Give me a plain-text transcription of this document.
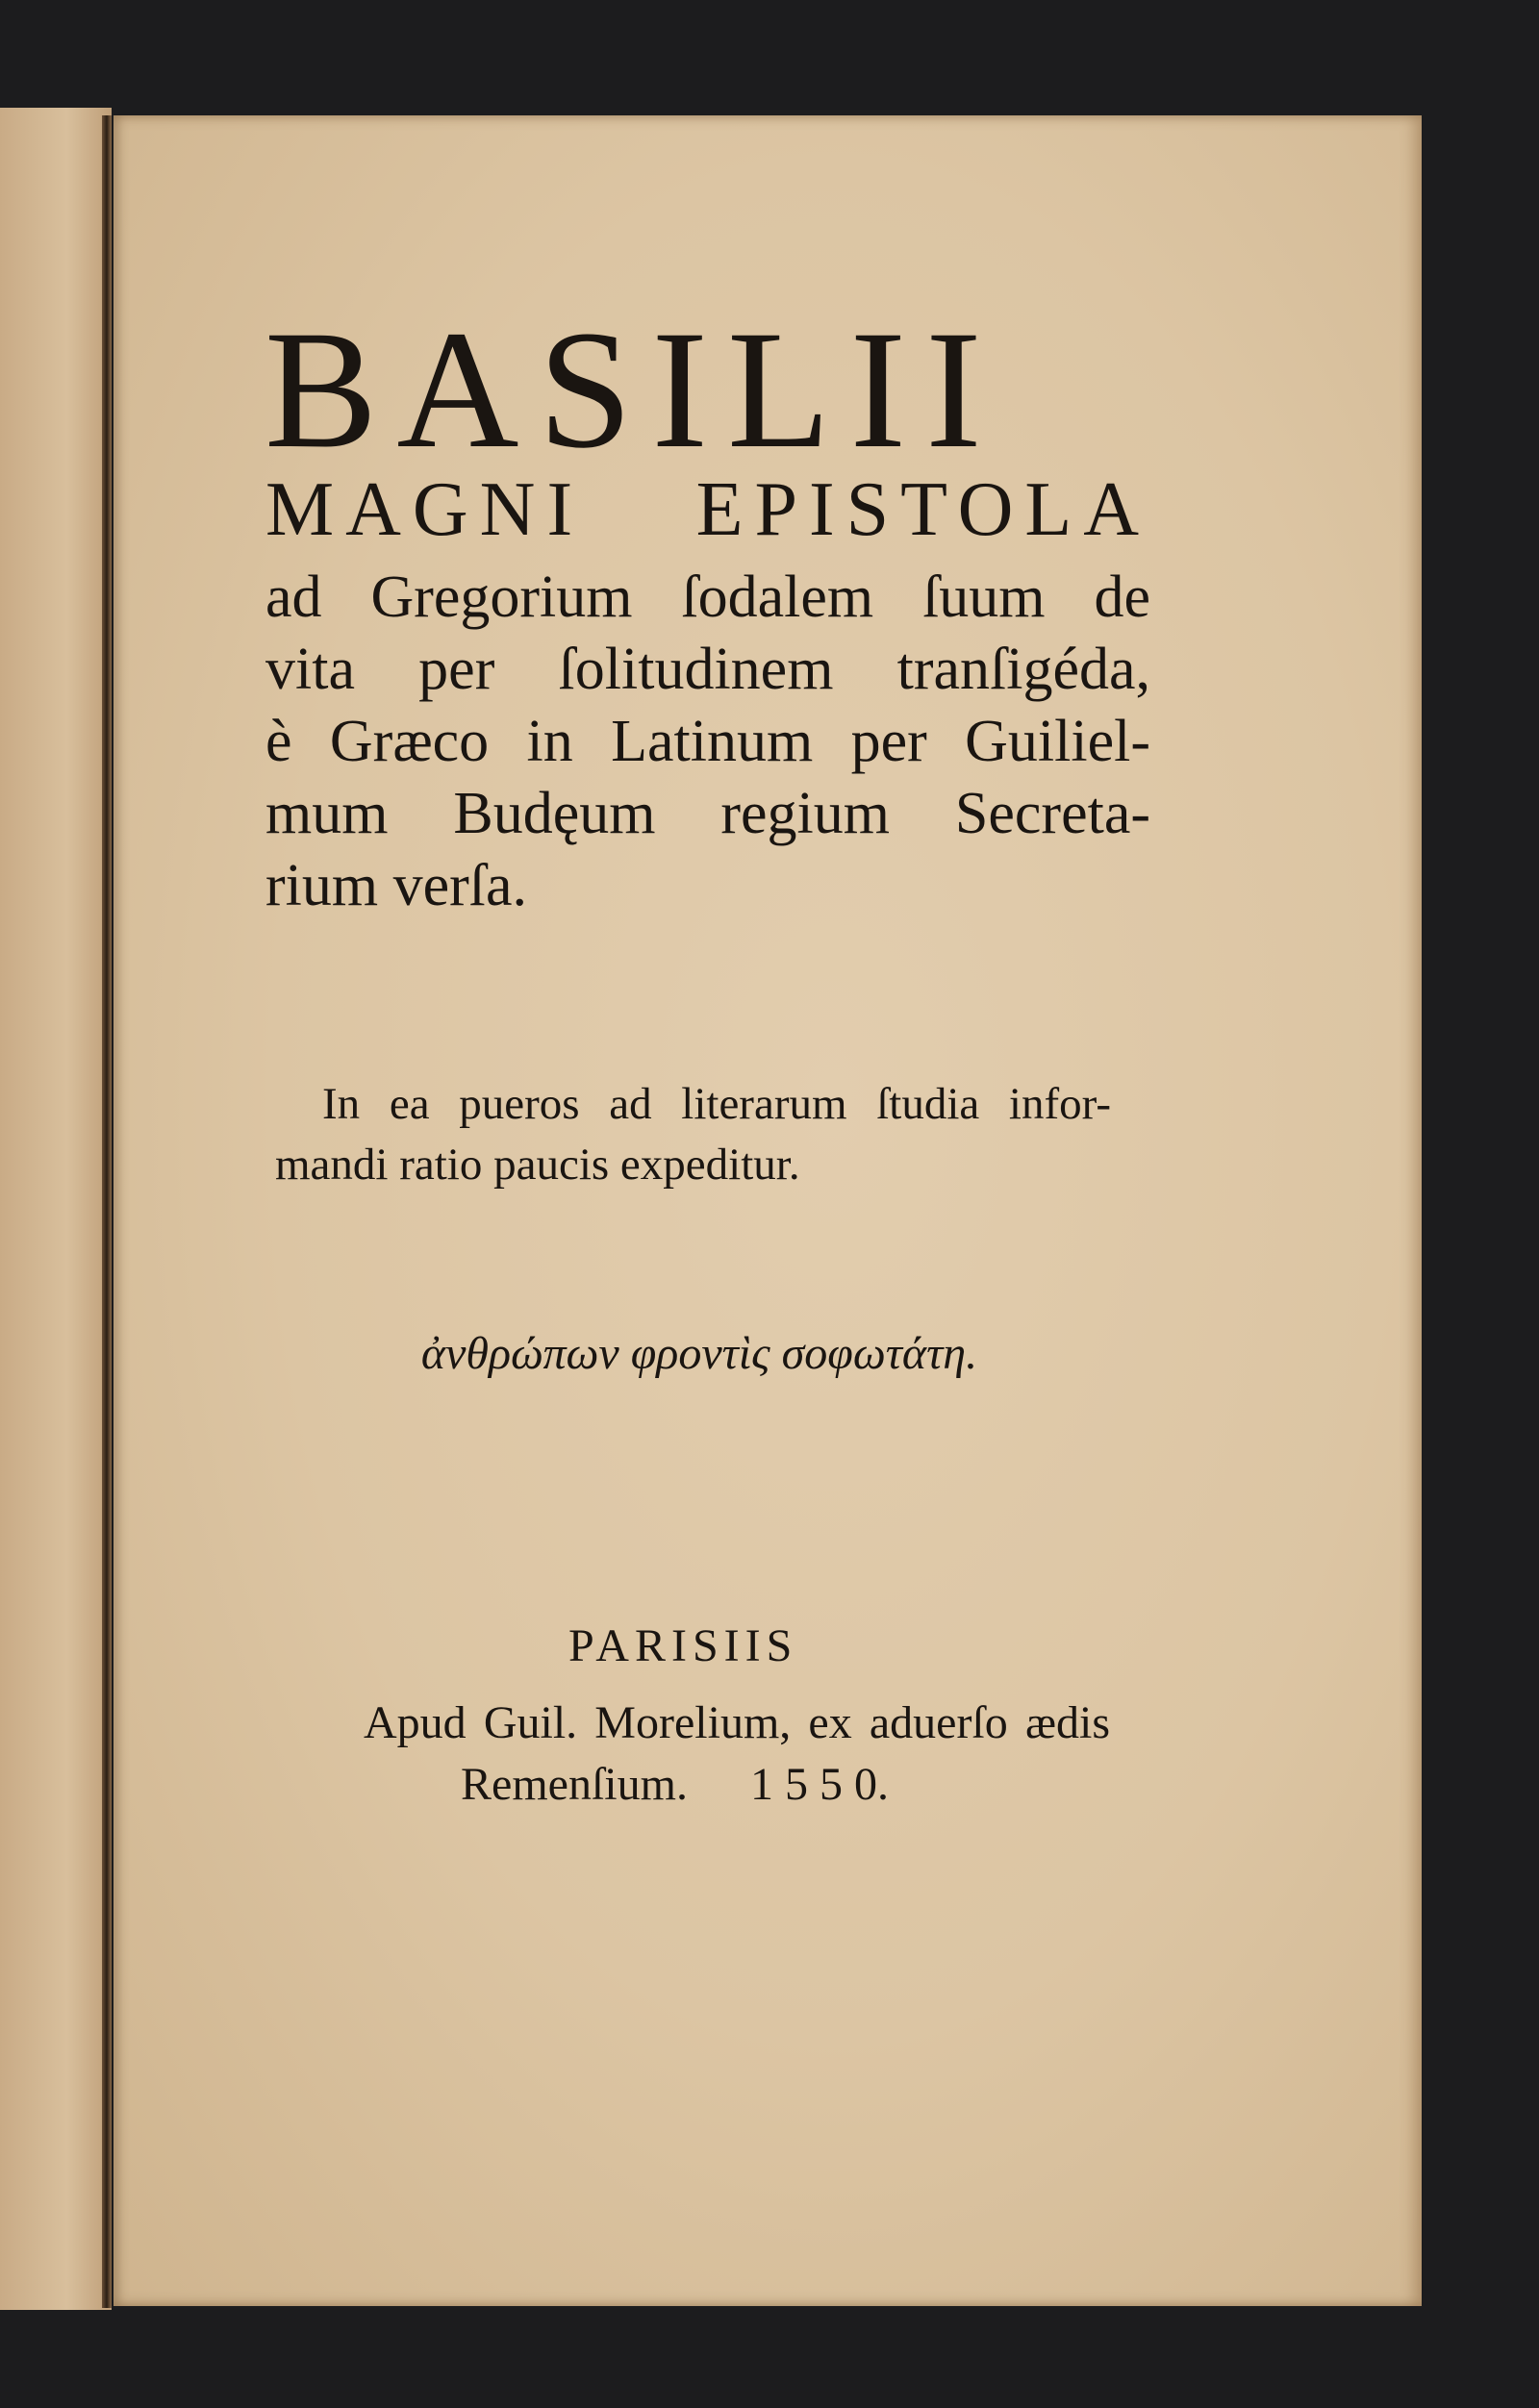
BASILII
MAGNI EPISTOLA
ad Gregorium ſodalem ſuum de
vita per ſolitudinem tranſigéda,
è Græco in Latinum per Guiliel-
mum Budęum regium Secreta-
rium verſa.
In ea pueros ad literarum ſtudia infor-
mandi ratio paucis expeditur.
ἀνθρώπων φροντὶς σοφωτάτη.
PARISIIS
Apud Guil. Morelium, ex aduerſo ædis
Remenſium. 1 5 5 0.
